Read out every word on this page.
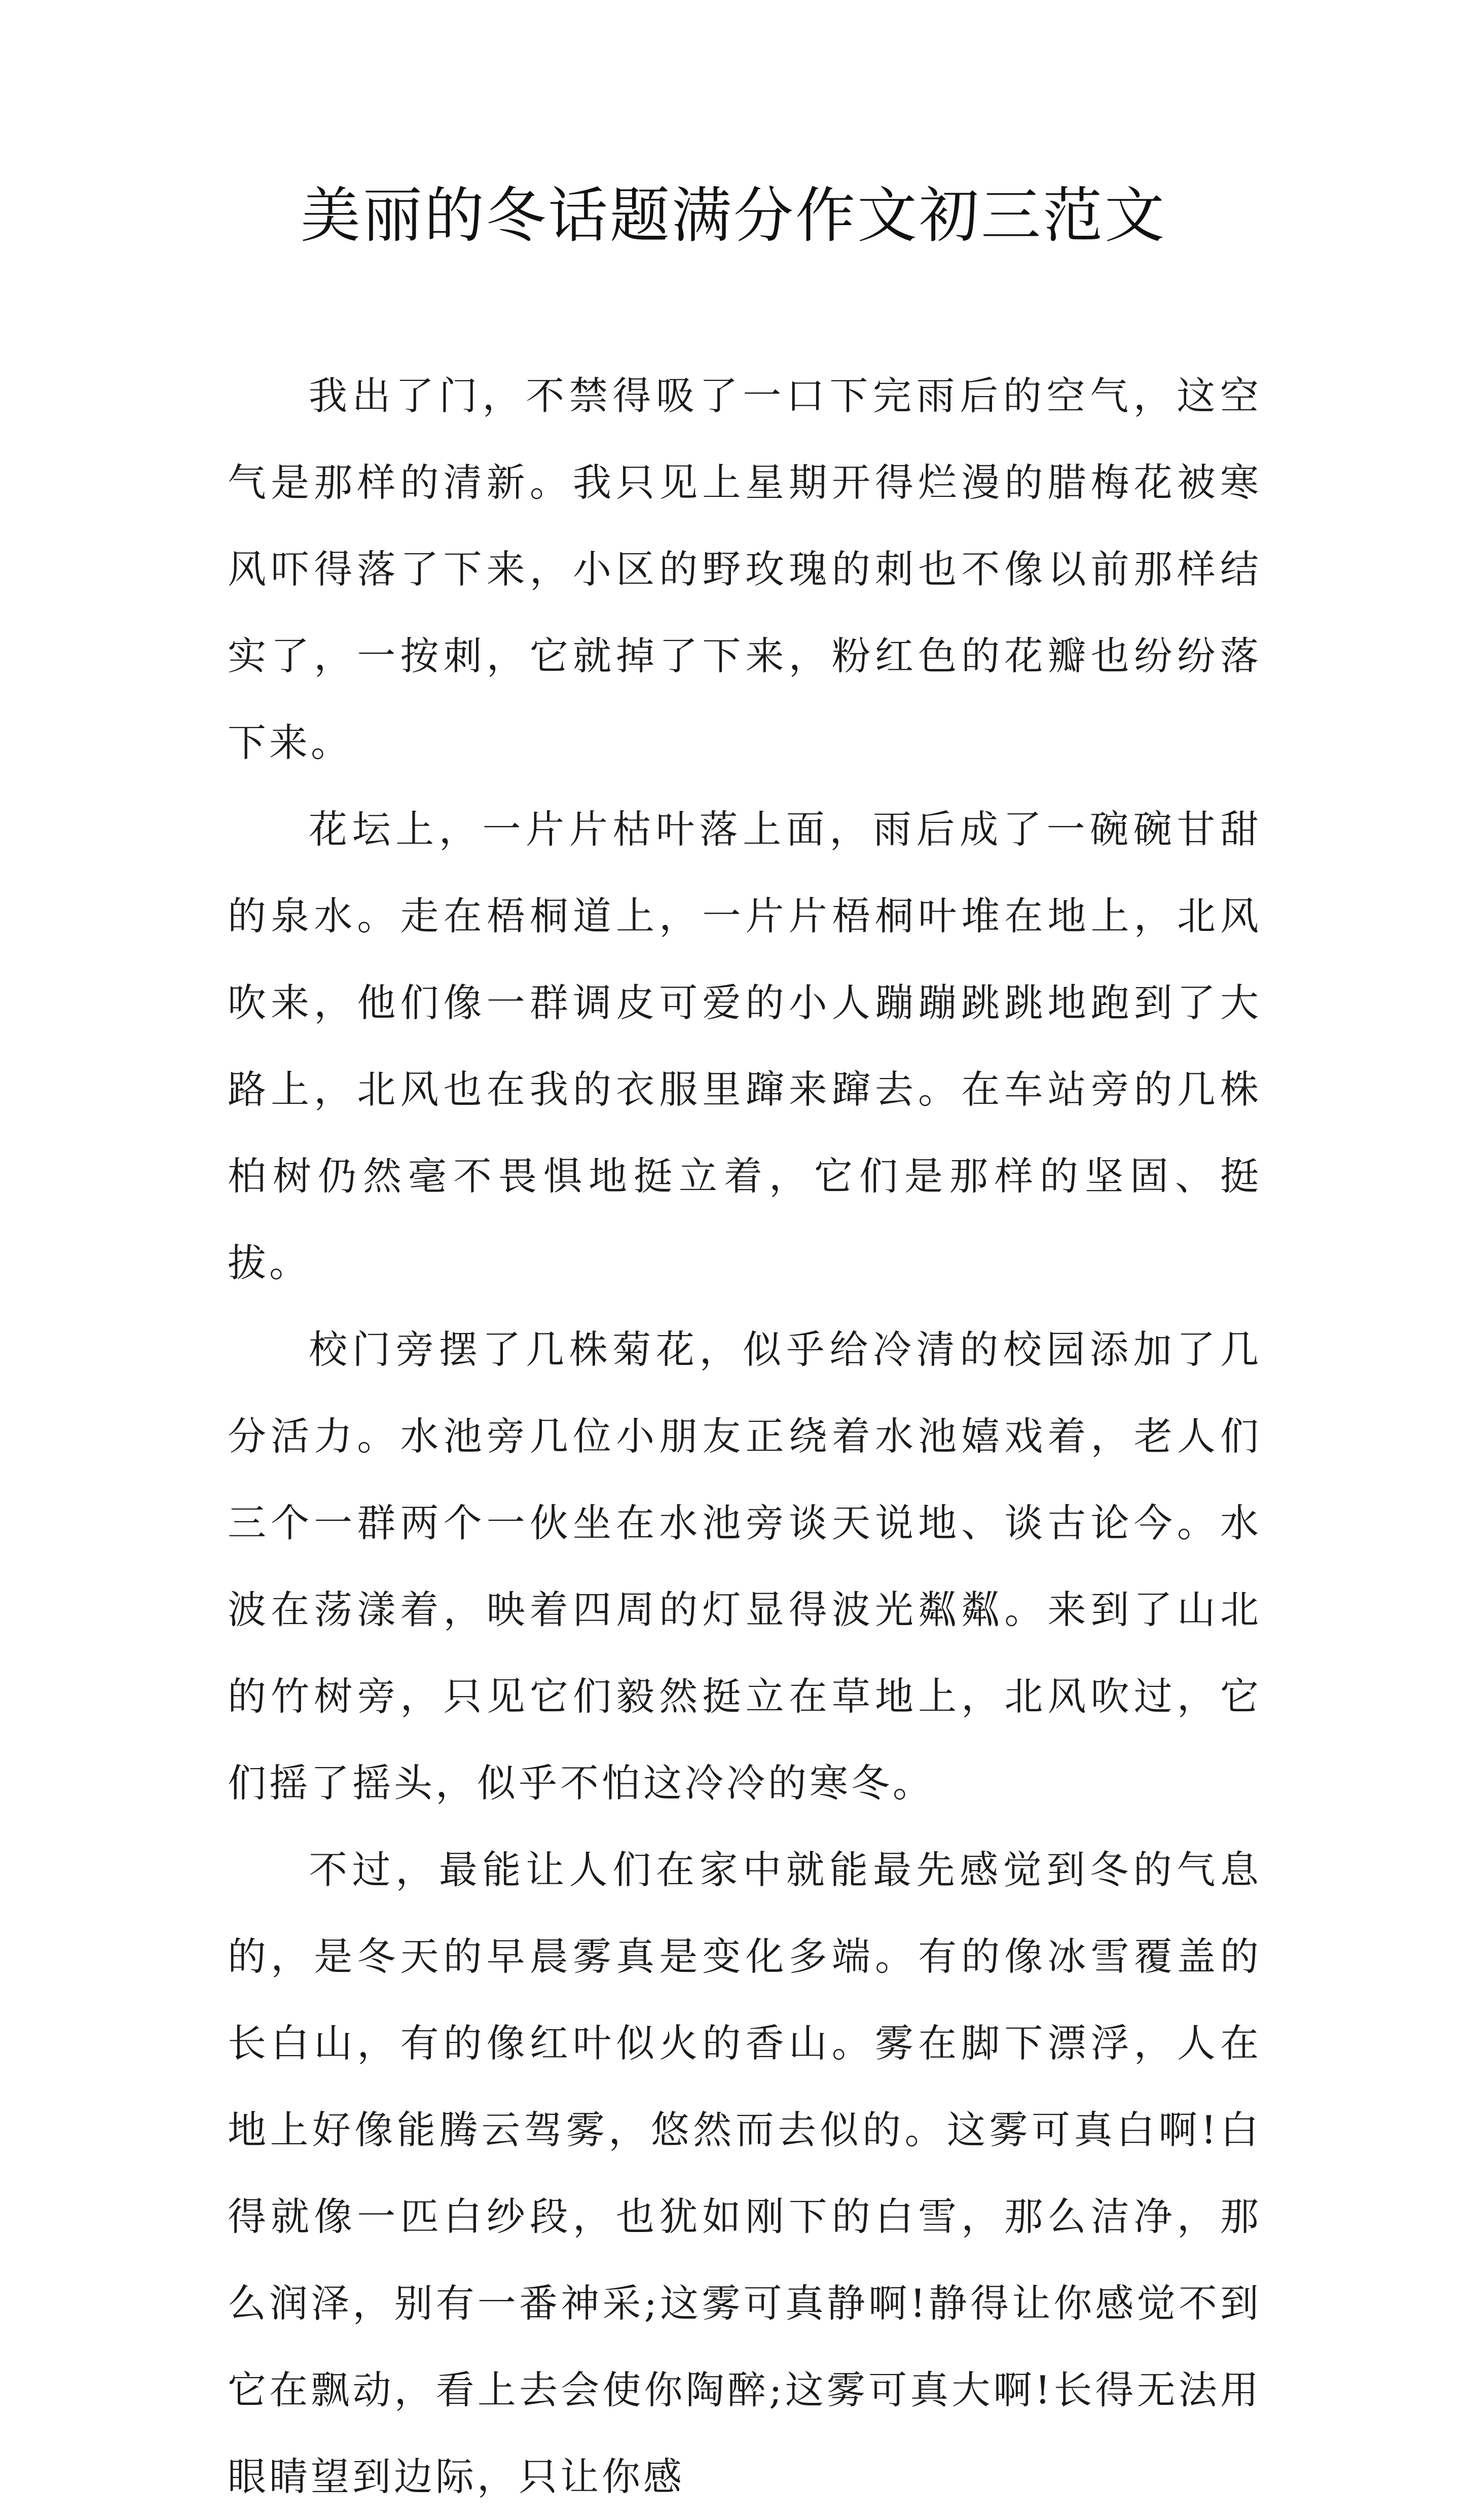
美丽的冬话题满分作文初三范文

我出了门，不禁得吸了一口下完雨后的空气，这空气是那样的清新。我只见上星期开得烂漫的腊梅花被寒风吓得落了下来，小区的野玫瑰的刺也不像以前那样结实了，一按刺，它就掉了下来，粉红色的花瓣也纷纷落下来。

花坛上，一片片枯叶落上面，雨后成了一碗碗甘甜的泉水。走在梧桐道上，一片片梧桐叶堆在地上，北风吹来，他们像一群调皮可爱的小人蹦蹦跳跳地跑到了大路上，北风也在我的衣服里蹿来蹿去。在车站旁的几株柏树仍然毫不畏惧地挺立着，它们是那样的坚固、挺拔。

校门旁摆了几株菊花，似乎给冷清的校园添加了几分活力。水池旁几位小朋友正绕着水池嬉戏着，老人们三个一群两个一伙坐在水池旁谈天说地、谈古论今。水波在荡漾着，映着四周的灯显得波光粼粼。来到了山北的竹树旁，只见它们毅然挺立在草地上，北风吹过，它们摇了摇头，似乎不怕这冷冷的寒冬。

不过，最能让人们在家中就能最先感觉到冬的气息的，是冬天的早晨雾真是变化多端。有的像冰雪覆盖的长白山，有的像红叶似火的香山。雾在脚下漂浮，人在地上好像能腾云驾雾，悠然而去似的。这雾可真白啊!白得就像一匹白纱段，也犹如刚下的白雪，那么洁净，那么润泽，别有一番神采;这雾可真静啊!静得让你感觉不到它在飘动，看上去会使你陶醉;这雾可真大啊!长得无法用眼睛望到边际，只让你感
